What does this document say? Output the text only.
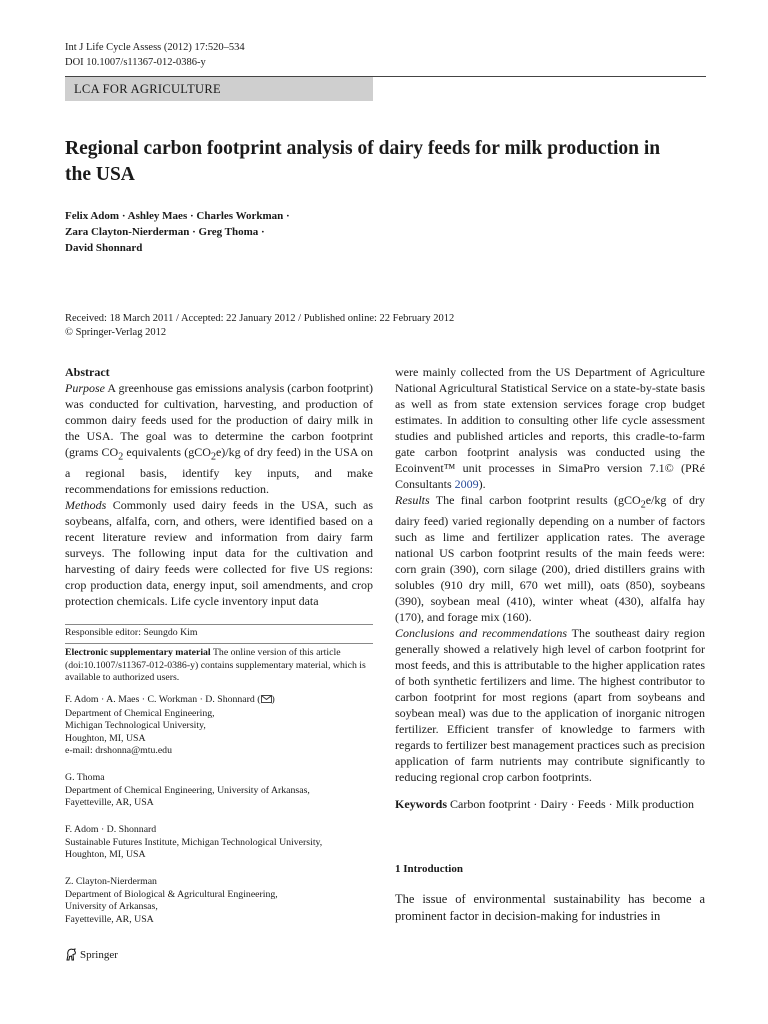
Int J Life Cycle Assess (2012) 17:520–534
DOI 10.1007/s11367-012-0386-y
LCA FOR AGRICULTURE
Regional carbon footprint analysis of dairy feeds for milk production in the USA
Felix Adom · Ashley Maes · Charles Workman ·
Zara Clayton-Nierderman · Greg Thoma ·
David Shonnard
Received: 18 March 2011 / Accepted: 22 January 2012 / Published online: 22 February 2012
© Springer-Verlag 2012

Abstract

Purpose A greenhouse gas emissions analysis (carbon footprint) was conducted for cultivation, harvesting, and production of common dairy feeds used for the production of dairy milk in the USA. The goal was to determine the carbon footprint (grams $CO_2$ equivalents (gCO$_2$e)/kg of dry feed) in the USA on a regional basis, identify key inputs, and make recommendations for emissions reduction.

Methods Commonly used dairy feeds in the USA, such as soybeans, alfalfa, corn, and others, were identified based on a recent literature review and information from dairy farm surveys. The following input data for the cultivation and harvesting of dairy feeds were collected for five US regions: crop production data, energy input, soil amendments, and crop protection chemicals. Life cycle inventory input data

Responsible editor: Seungdo Kim
Electronic supplementary material The online version of this article (doi:10.1007/s11367-012-0386-y) contains supplementary material, which is available to authorized users.

F. Adom · A. Maes · C. Workman · D. Shonnard ( )

Department of Chemical Engineering,

Michigan Technological University,

Houghton, MI, USA

e-mail: drshonna@mtu.edu

G. Thoma

Department of Chemical Engineering, University of Arkansas,

Fayetteville, AR, USA

F. Adom · D. Shonnard

Sustainable Futures Institute, Michigan Technological University,

Houghton, MI, USA

Z. Clayton-Nierderman

Department of Biological & Agricultural Engineering,

University of Arkansas,

Fayetteville, AR, USA

were mainly collected from the US Department of Agriculture National Agricultural Statistical Service on a state-by-state basis as well as from state extension services forage crop budget estimates. In addition to consulting other life cycle assessment studies and published articles and reports, this cradle-to-farm gate carbon footprint analysis was conducted using the Ecoinvent™ unit processes in SimaPro version 7.1© (PRé Consultants 2009).

Results The final carbon footprint results (gCO$_2$e/kg of dry dairy feed) varied regionally depending on a number of factors such as lime and fertilizer application rates. The average national US carbon footprint results of the main feeds were: corn grain (390), corn silage (200), dried distillers grains with solubles (910 dry mill, 670 wet mill), oats (850), soybeans (390), soybean meal (410), winter wheat (430), alfalfa hay (170), and forage mix (160).

Conclusions and recommendations The southeast dairy region generally showed a relatively high level of carbon footprint for most feeds, and this is attributable to the higher application rates of both synthetic fertilizers and lime. The highest contributor to carbon footprint for most regions (apart from soybeans and soybean meal) was due to the application of inorganic nitrogen fertilizer. Efficient transfer of knowledge to farmers with regards to fertilizer best management practices such as precision application of farm nutrients may contribute significantly to reducing regional crop carbon footprints.

Keywords Carbon footprint · Dairy · Feeds · Milk production
1 Introduction

The issue of environmental sustainability has become a prominent factor in decision-making for industries in

Springer
